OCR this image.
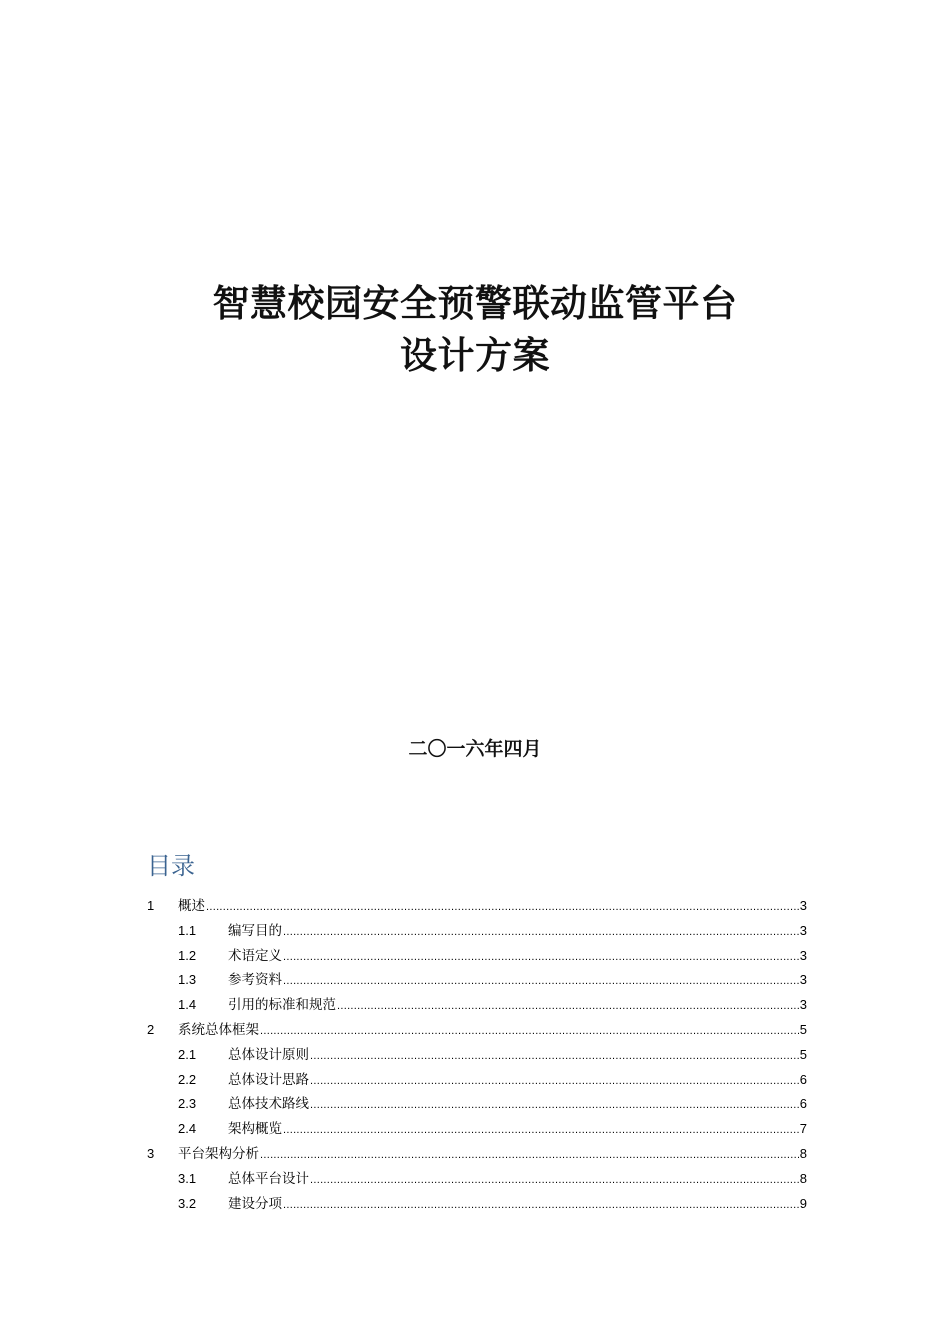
智慧校园安全预警联动监管平台
设计方案
二〇一六年四月
目录
1	概述 .....	3
1.1	编写目的 .....	3
1.2	术语定义 .....	3
1.3	参考资料 .....	3
1.4	引用的标准和规范 .....	3
2	系统总体框架 .....	5
2.1	总体设计原则 .....	5
2.2	总体设计思路 .....	6
2.3	总体技术路线 .....	6
2.4	架构概览 .....	7
3	平台架构分析 .....	8
3.1	总体平台设计 .....	8
3.2	建设分项 .....	9
